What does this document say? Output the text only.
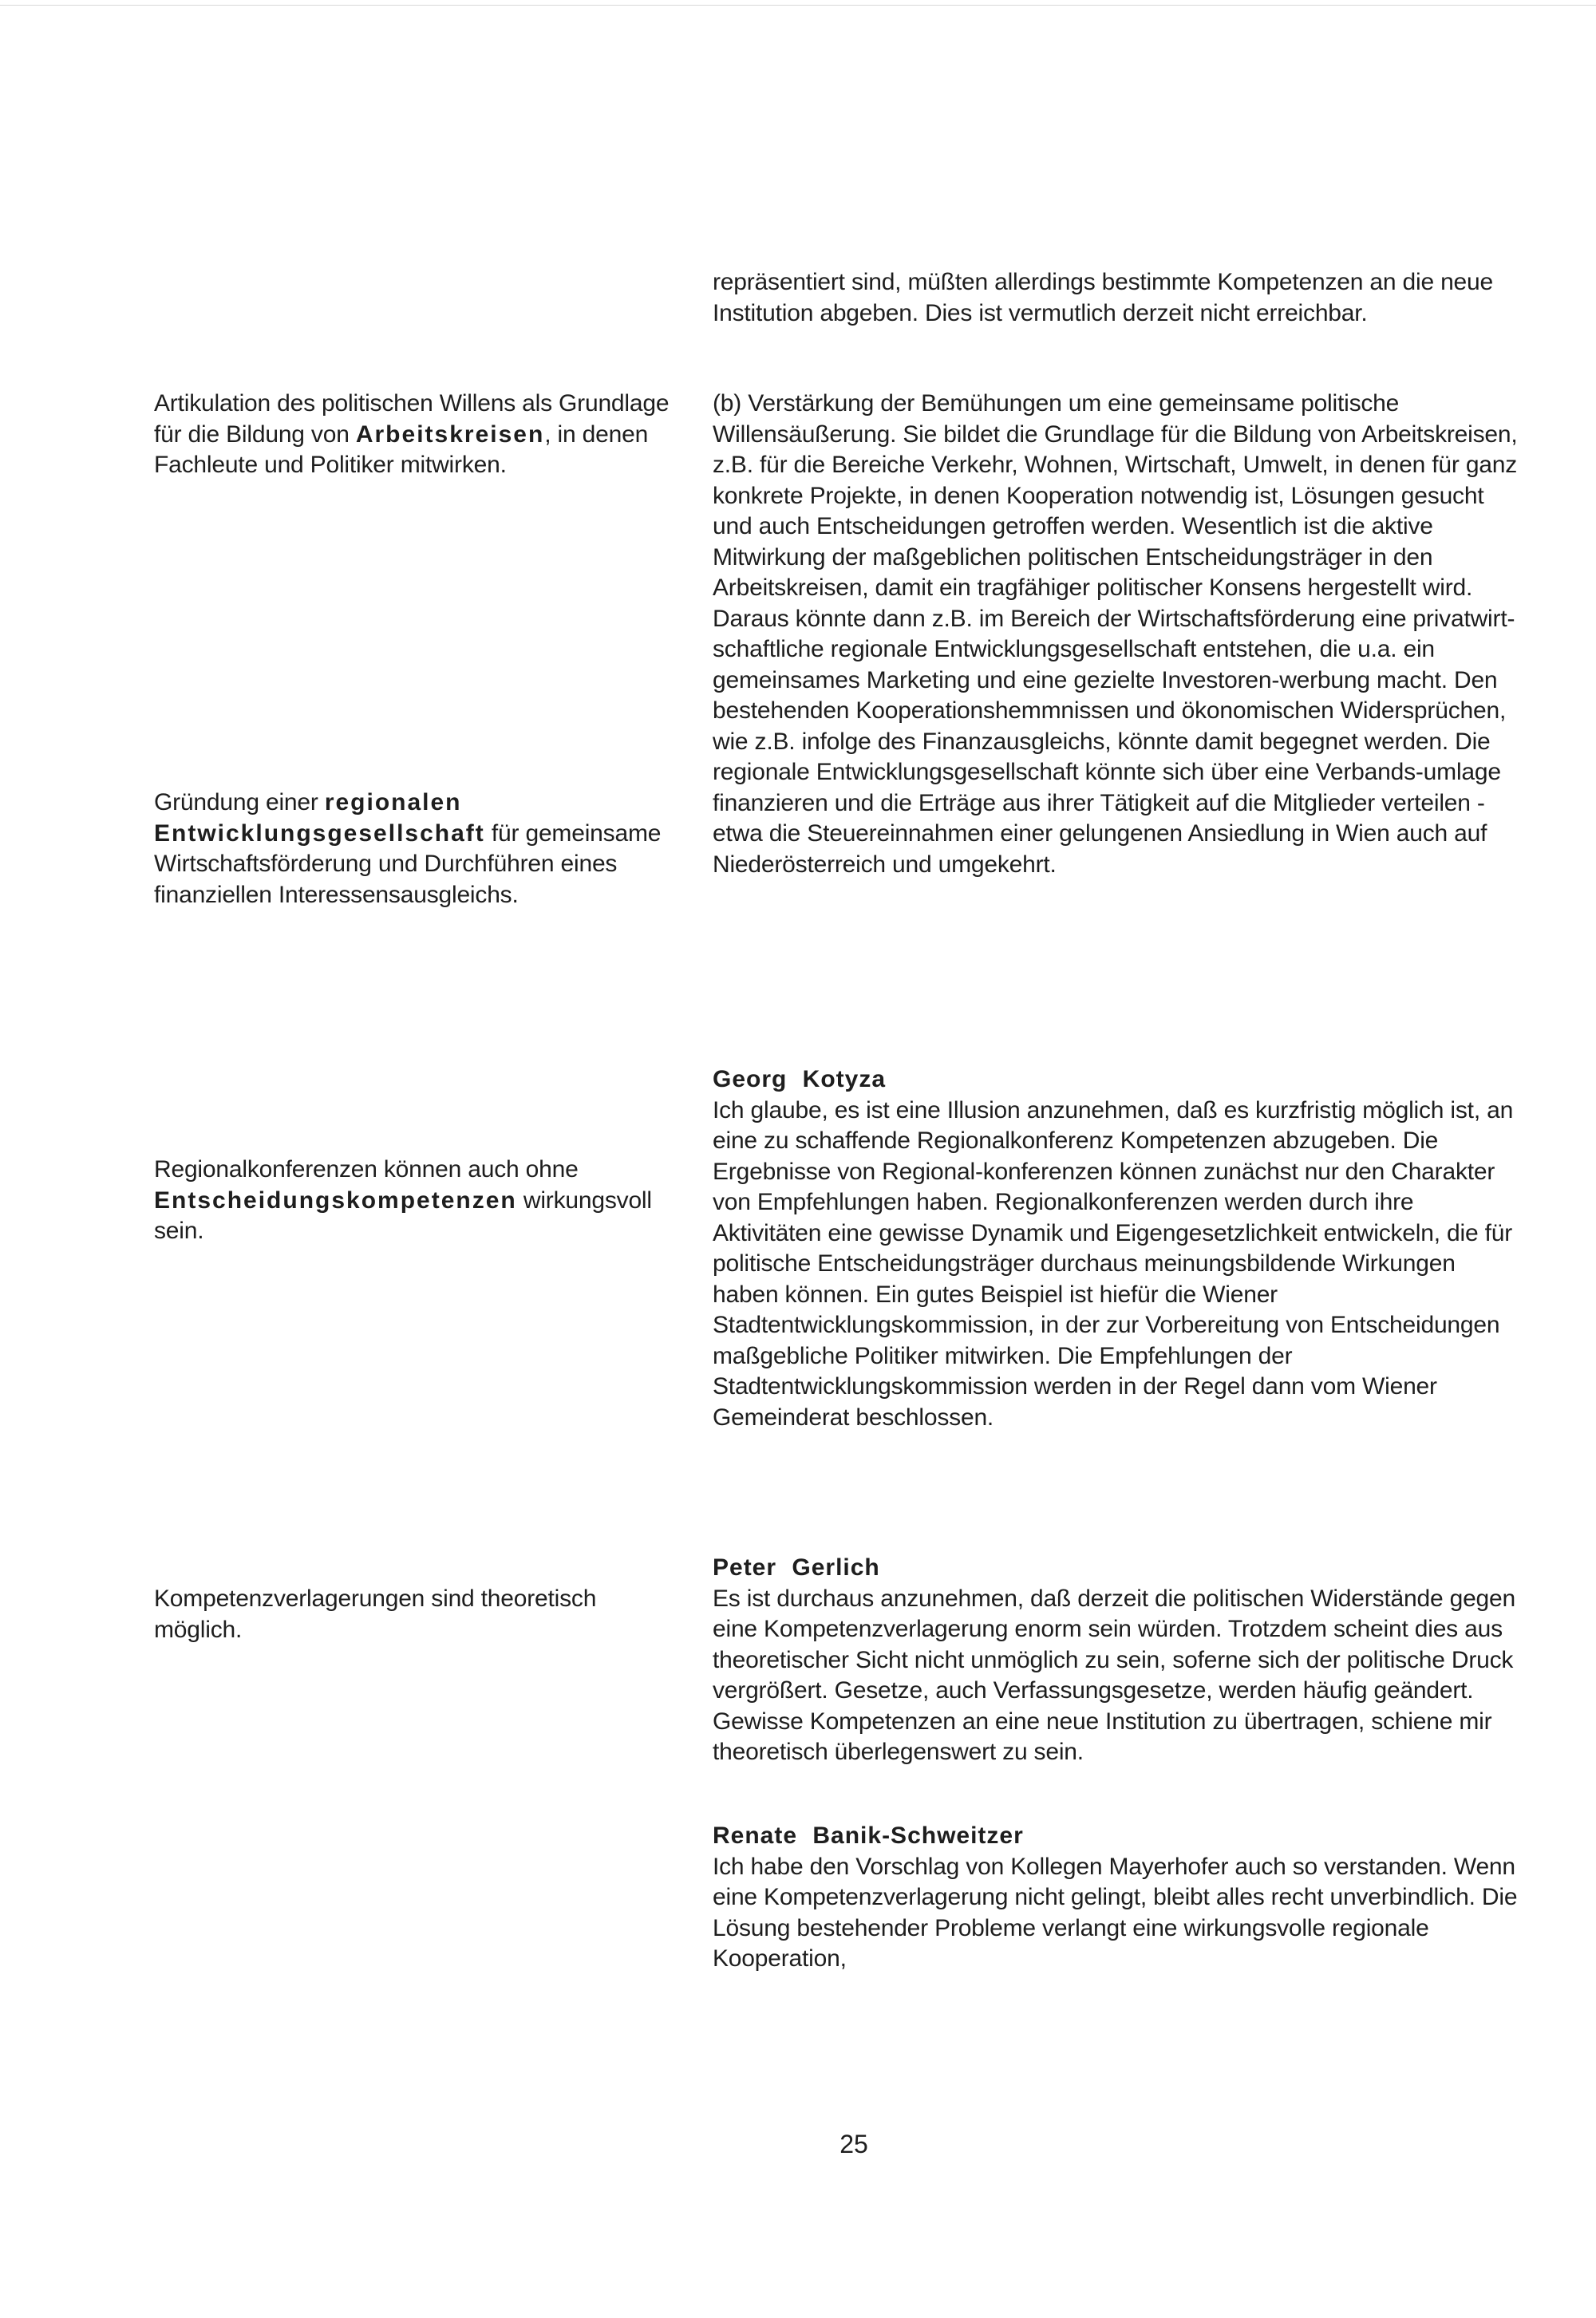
Artikulation des politischen Willens als Grundlage für die Bildung von Arbeitskreisen, in denen Fachleute und Politiker mitwirken.
Gründung einer regionalen Entwicklungsgesellschaft für gemeinsame Wirtschaftsförderung und Durchführen eines finanziellen Interessensausgleichs.
Regionalkonferenzen können auch ohne Entscheidungskompetenzen wirkungsvoll sein.
Kompetenzverlagerungen sind theoretisch möglich.

repräsentiert sind, müßten allerdings bestimmte Kompetenzen an die neue Institution abgeben. Dies ist vermutlich derzeit nicht erreichbar.

(b) Verstärkung der Bemühungen um eine gemeinsame politische Willensäußerung. Sie bildet die Grundlage für die Bildung von Arbeitskreisen, z.B. für die Bereiche Verkehr, Wohnen, Wirtschaft, Umwelt, in denen für ganz konkrete Projekte, in denen Kooperation notwendig ist, Lösungen gesucht und auch Entscheidungen getroffen werden. Wesentlich ist die aktive Mitwirkung der maßgeblichen politischen Entscheidungsträger in den Arbeitskreisen, damit ein tragfähiger politischer Konsens hergestellt wird. Daraus könnte dann z.B. im Bereich der Wirtschaftsförderung eine privatwirt-schaftliche regionale Entwicklungsgesellschaft entstehen, die u.a. ein gemeinsames Marketing und eine gezielte Investoren-werbung macht. Den bestehenden Kooperationshemmnissen und ökonomischen Widersprüchen, wie z.B. infolge des Finanzausgleichs, könnte damit begegnet werden. Die regionale Entwicklungsgesellschaft könnte sich über eine Verbands-umlage finanzieren und die Erträge aus ihrer Tätigkeit auf die Mitglieder verteilen - etwa die Steuereinnahmen einer gelungenen Ansiedlung in Wien auch auf Niederösterreich und umgekehrt.

Georg Kotyza

Ich glaube, es ist eine Illusion anzunehmen, daß es kurzfristig möglich ist, an eine zu schaffende Regionalkonferenz Kompetenzen abzugeben. Die Ergebnisse von Regional-konferenzen können zunächst nur den Charakter von Empfehlungen haben. Regionalkonferenzen werden durch ihre Aktivitäten eine gewisse Dynamik und Eigengesetzlichkeit entwickeln, die für politische Entscheidungsträger durchaus meinungsbildende Wirkungen haben können. Ein gutes Beispiel ist hiefür die Wiener Stadtentwicklungskommission, in der zur Vorbereitung von Entscheidungen maßgebliche Politiker mitwirken. Die Empfehlungen der Stadtentwicklungskommission werden in der Regel dann vom Wiener Gemeinderat beschlossen.

Peter Gerlich

Es ist durchaus anzunehmen, daß derzeit die politischen Widerstände gegen eine Kompetenzverlagerung enorm sein würden. Trotzdem scheint dies aus theoretischer Sicht nicht unmöglich zu sein, soferne sich der politische Druck vergrößert. Gesetze, auch Verfassungsgesetze, werden häufig geändert. Gewisse Kompetenzen an eine neue Institution zu übertragen, schiene mir theoretisch überlegenswert zu sein.

Renate Banik-Schweitzer

Ich habe den Vorschlag von Kollegen Mayerhofer auch so verstanden. Wenn eine Kompetenzverlagerung nicht gelingt, bleibt alles recht unverbindlich. Die Lösung bestehender Probleme verlangt eine wirkungsvolle regionale Kooperation,

25
